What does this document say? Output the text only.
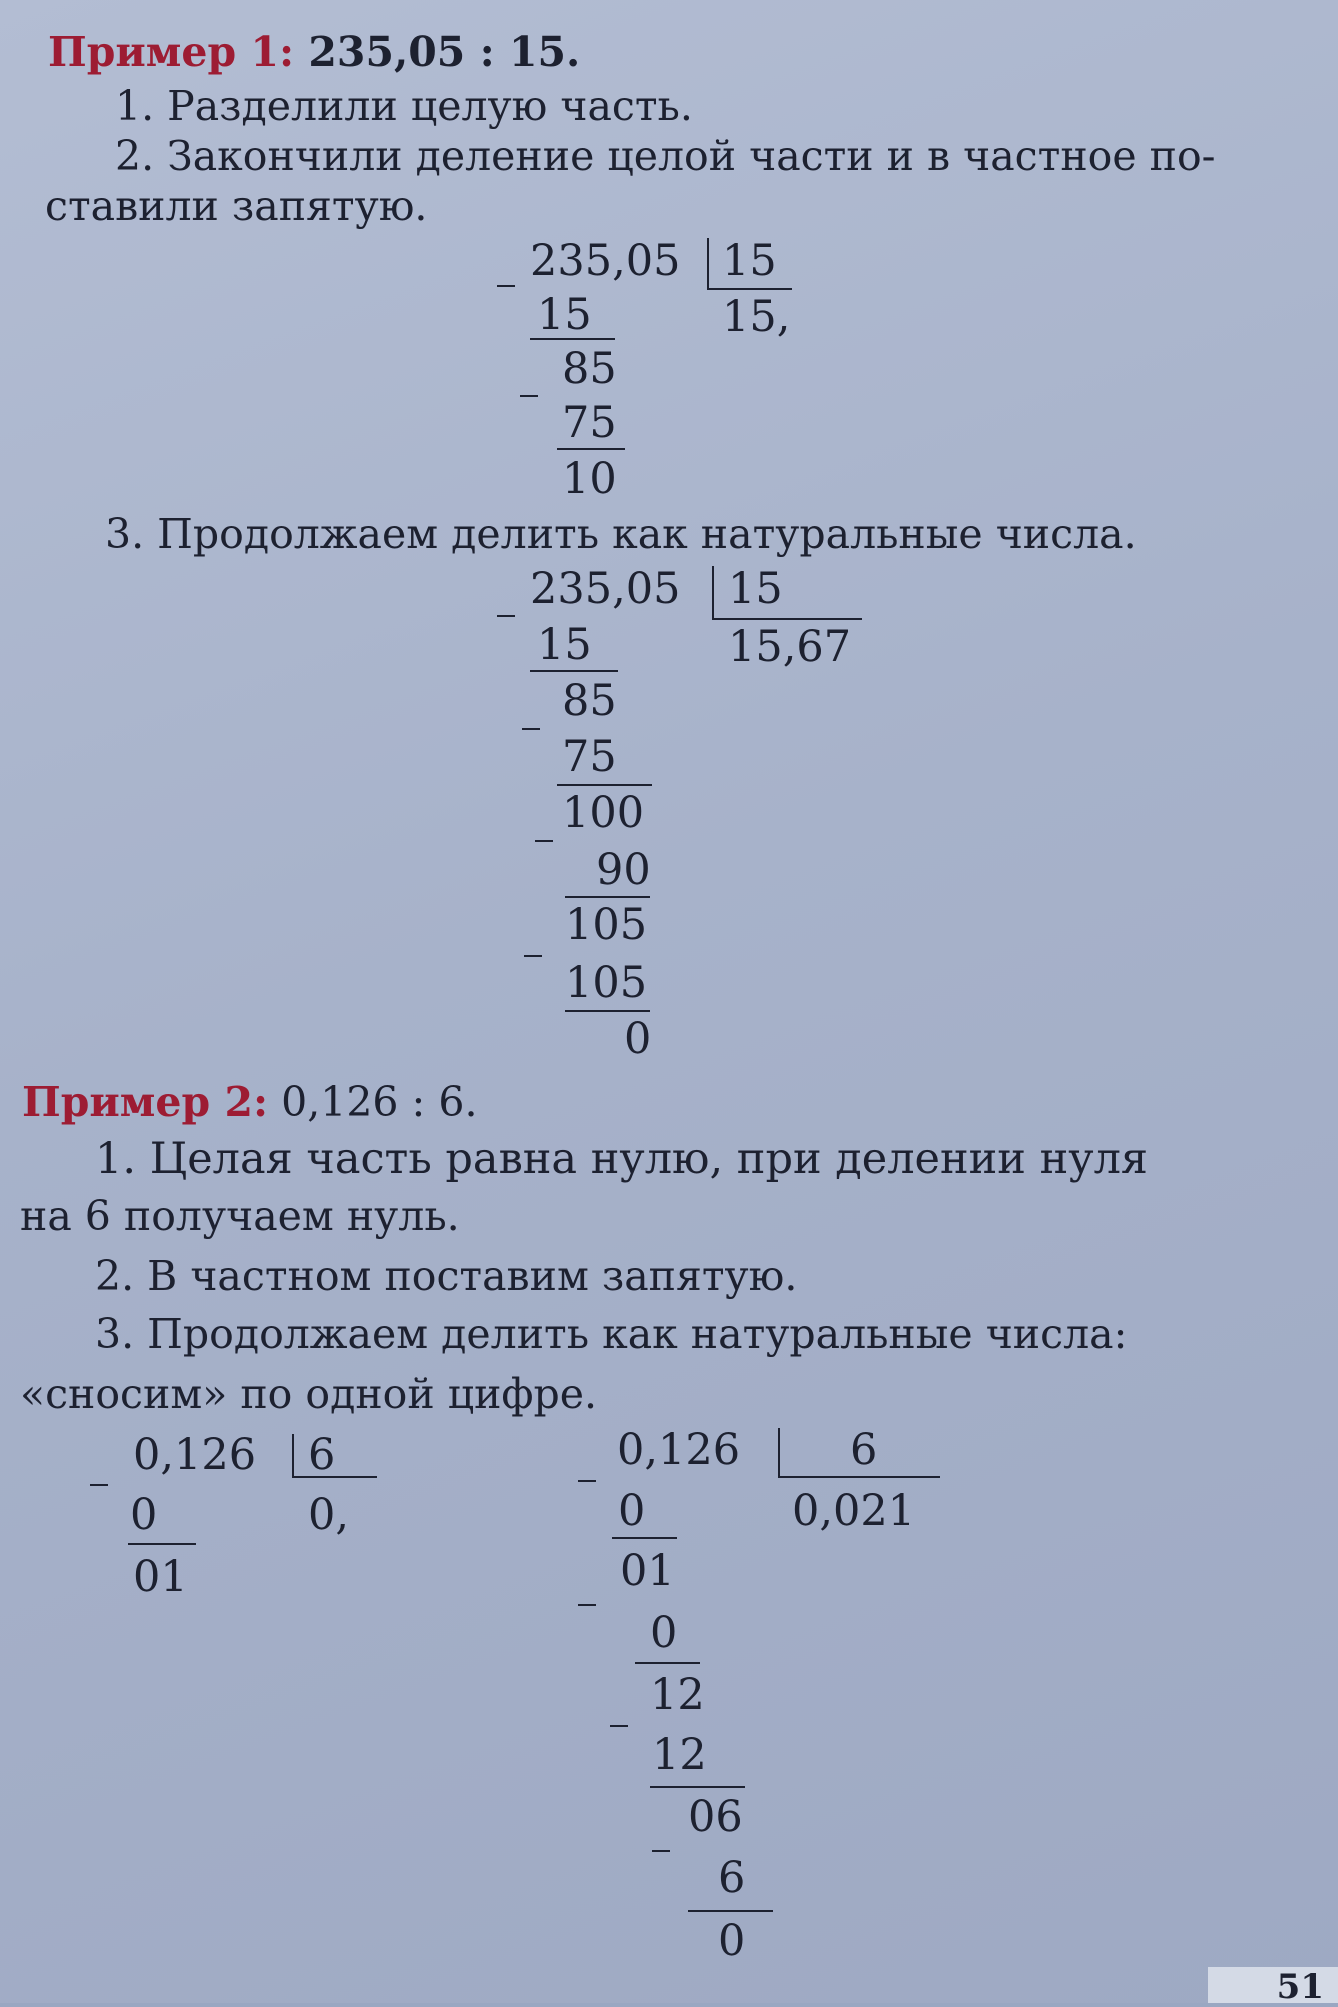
Пример 1: 235,05 : 15.
1. Разделили целую часть.
2. Закончили деление целой части и в частное по-
ставили запятую.
235,05 15
15,
15
85
75
10
3. Продолжаем делить как натуральные числа.
235,05 15
15,67
15
85
75
100
90
105
105
0
Пример 2: 0,126 : 6.
1. Целая часть равна нулю, при делении нуля
на 6 получаем нуль.
2. В частном поставим запятую.
3. Продолжаем делить как натуральные числа:
«сносим» по одной цифре.
0,126 6
0,
0
01
0,126	6
0,021
0
01
0
12
12
06
6
0
51
